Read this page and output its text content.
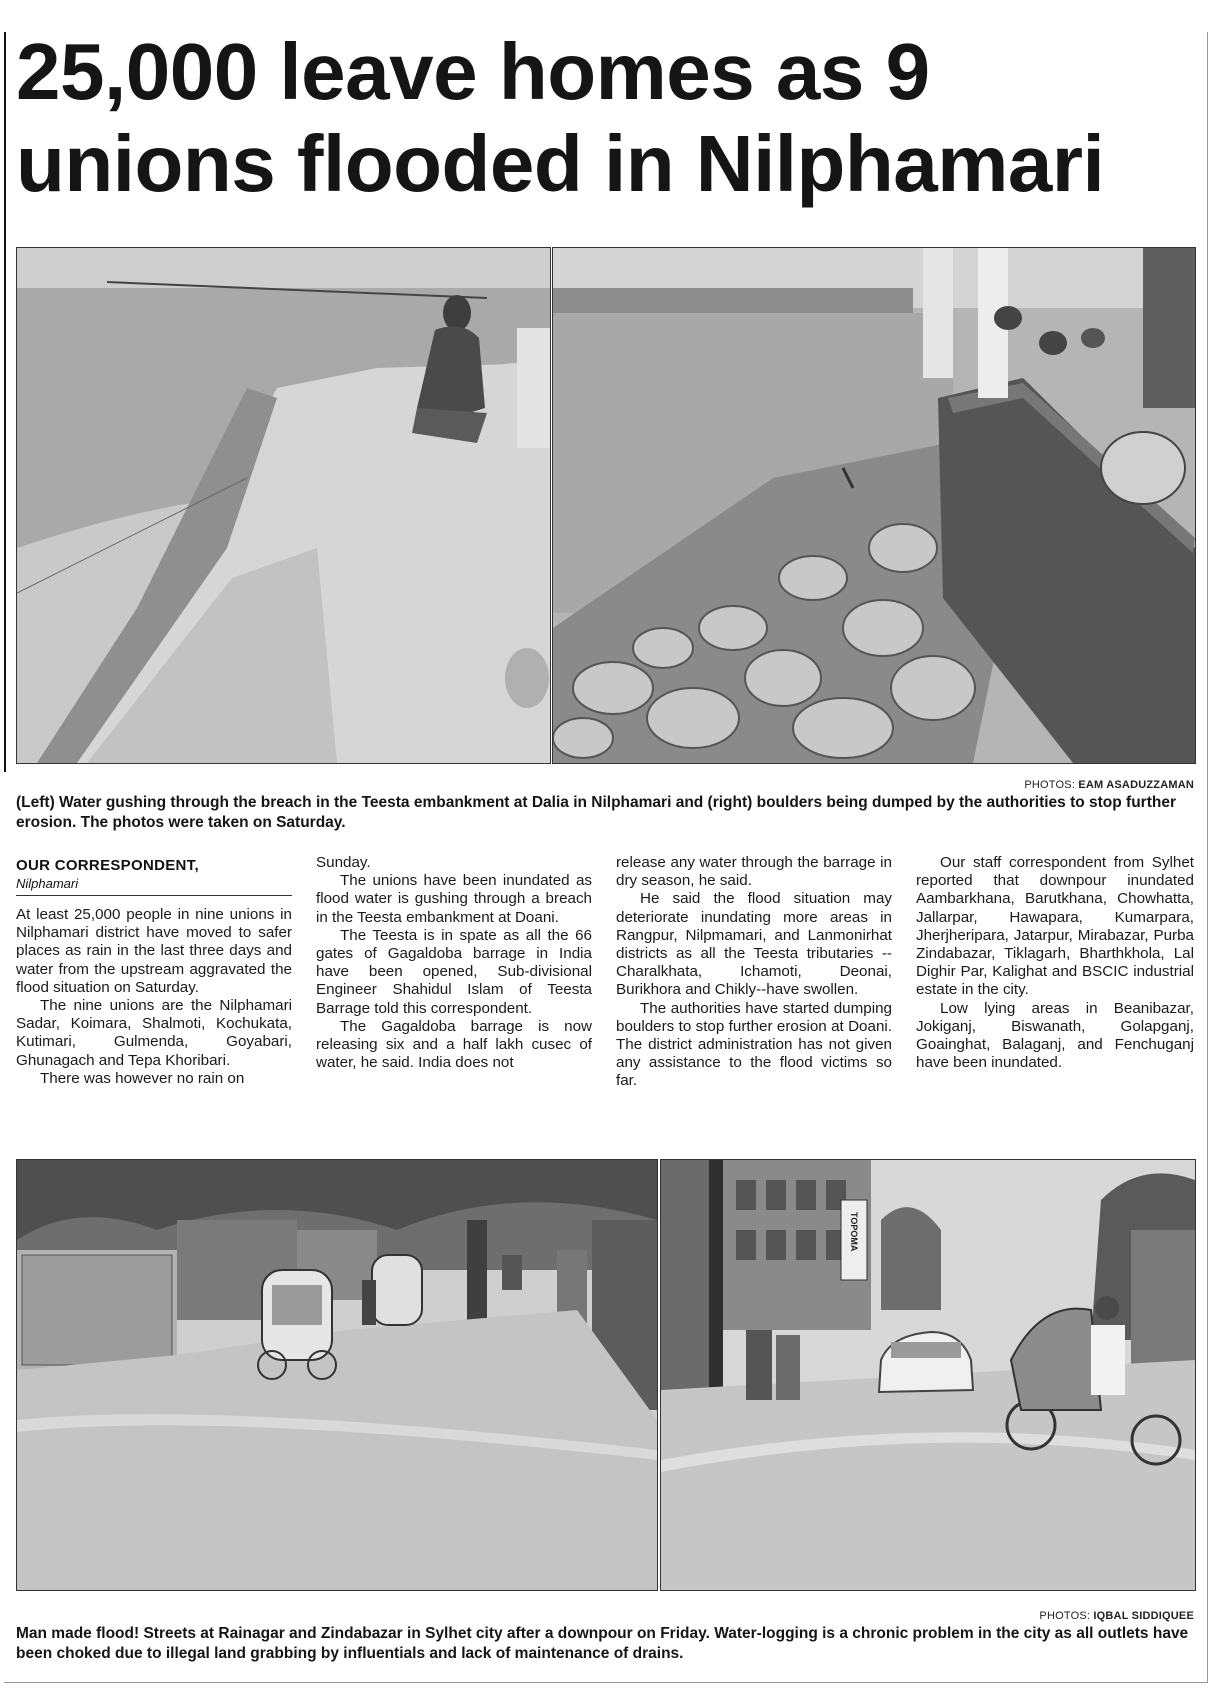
25,000 leave homes as 9 unions flooded in Nilphamari
PHOTOS: EAM ASADUZZAMAN

(Left) Water gushing through the breach in the Teesta embankment at Dalia in Nilphamari and (right) boulders being dumped by the authorities to stop further erosion. The photos were taken on Saturday.

OUR CORRESPONDENT,
Nilphamari

At least 25,000 people in nine unions in Nilphamari district have moved to safer places as rain in the last three days and water from the upstream aggravated the flood situation on Saturday.

The nine unions are the Nilphamari Sadar, Koimara, Shalmoti, Kochukata, Kutimari, Gulmenda, Goyabari, Ghunagach and Tepa Khoribari.

There was however no rain on

Sunday.

The unions have been inundated as flood water is gushing through a breach in the Teesta embankment at Doani.

The Teesta is in spate as all the 66 gates of Gagaldoba barrage in India have been opened, Sub-divisional Engineer Shahidul Islam of Teesta Barrage told this correspondent.

The Gagaldoba barrage is now releasing six and a half lakh cusec of water, he said. India does not

release any water through the barrage in dry season, he said.

He said the flood situation may deteriorate inundating more areas in Rangpur, Nilpmamari, and Lanmonirhat districts as all the Teesta tributaries --Charalkhata, Ichamoti, Deonai, Burikhora and Chikly--have swollen.

The authorities have started dumping boulders to stop further erosion at Doani. The district administration has not given any assistance to the flood victims so far.

Our staff correspondent from Sylhet reported that downpour inundated Aambarkhana, Barutkhana, Chowhatta, Jallarpar, Hawapara, Kumarpara, Jherjheripara, Jatarpur, Mirabazar, Purba Zindabazar, Tiklagarh, Bharthkhola, Lal Dighir Par, Kalighat and BSCIC industrial estate in the city.

Low lying areas in Beanibazar, Jokiganj, Biswanath, Golapganj, Goainghat, Balaganj, and Fenchuganj have been inundated.

TOPOMA
PHOTOS: IQBAL SIDDIQUEE

Man made flood! Streets at Rainagar and Zindabazar in Sylhet city after a downpour on Friday. Water-logging is a chronic problem in the city as all outlets have been choked due to illegal land grabbing by influentials and lack of maintenance of drains.
